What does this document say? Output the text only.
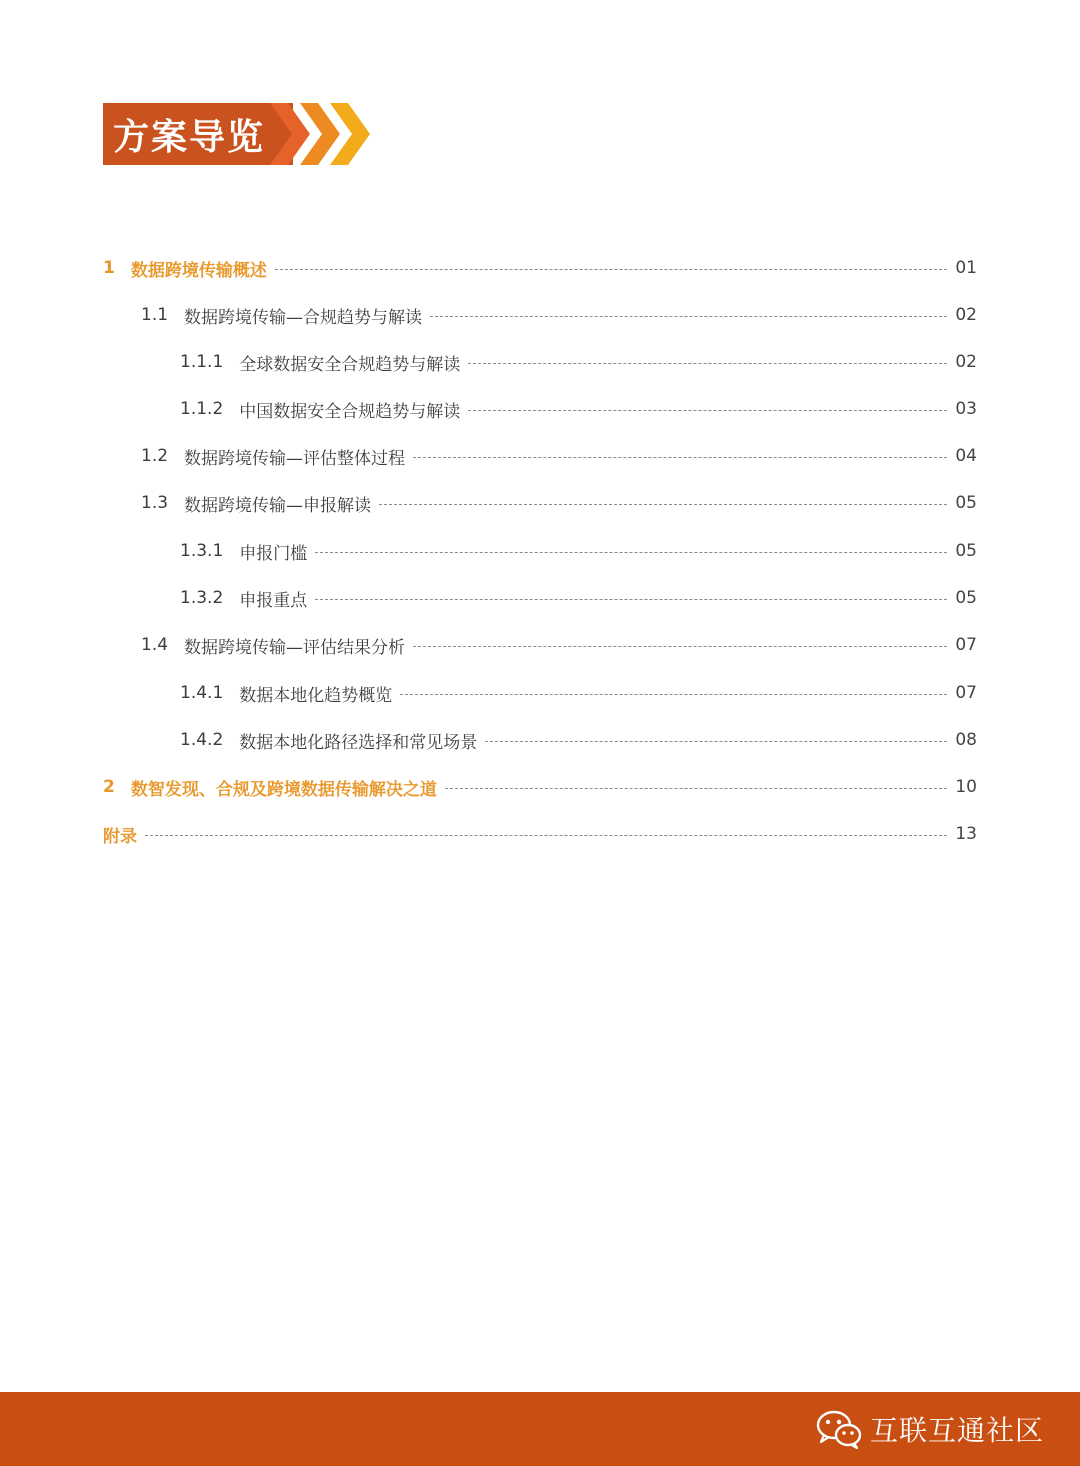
方案导览
1 数据跨境传输概述	01
1.1 数据跨境传输—合规趋势与解读	02
1.1.1 全球数据安全合规趋势与解读	02
1.1.2 中国数据安全合规趋势与解读	03
1.2 数据跨境传输—评估整体过程	04
1.3 数据跨境传输—申报解读	05
1.3.1 申报门槛	05
1.3.2 申报重点	05
1.4 数据跨境传输—评估结果分析	07
1.4.1 数据本地化趋势概览	07
1.4.2 数据本地化路径选择和常见场景	08
2 数智发现、合规及跨境数据传输解决之道	10
附录	13
互联互通社区
